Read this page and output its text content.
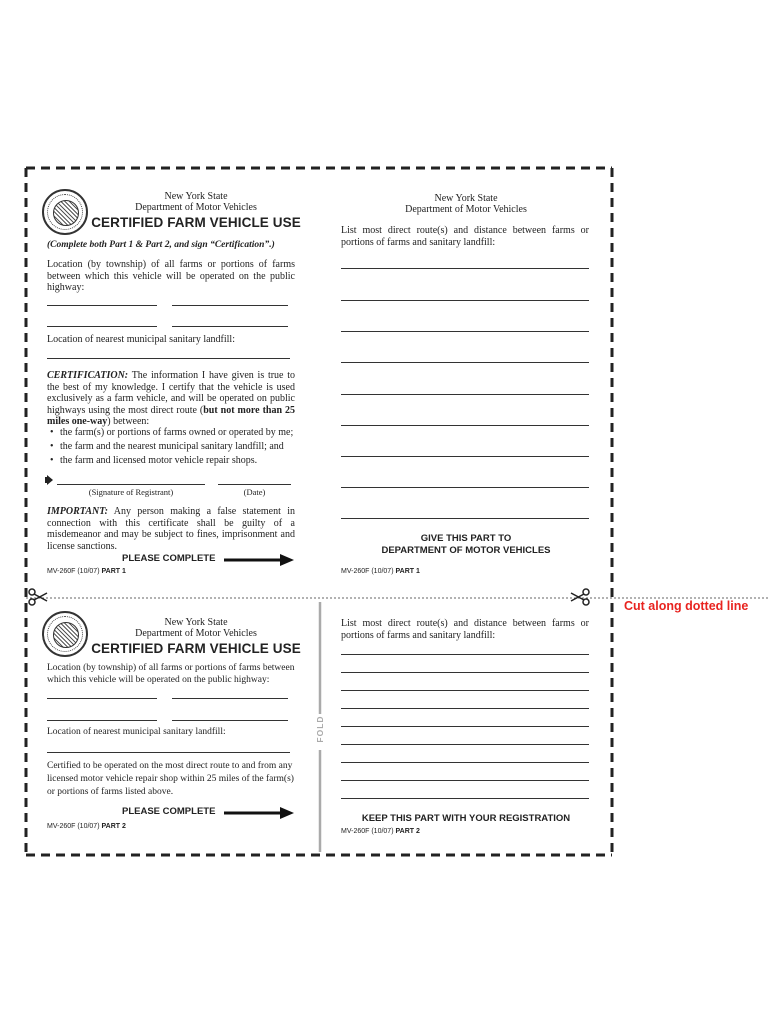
Cut along dotted line
FOLD
New York State
Department of Motor Vehicles
CERTIFIED FARM VEHICLE USE
(Complete both Part 1 & Part 2, and sign “Certification”.)
Location (by township) of all farms or portions of farms between which this vehicle will be operated on the public highway:
Location of nearest municipal sanitary landfill:
CERTIFICATION: The information I have given is true to the best of my knowledge. I certify that the vehicle is used exclusively as a farm vehicle, and will be operated on public highways using the most direct route (but not more than 25 miles one-way) between:
• the farm(s) or portions of farms owned or operated by me;
• the farm and the nearest municipal sanitary landfill; and
• the farm and licensed motor vehicle repair shops.
(Signature of Registrant)	(Date)
IMPORTANT: Any person making a false statement in connection with this certificate shall be guilty of a misdemeanor and may be subject to fines, imprisonment and license sanctions.
PLEASE COMPLETE
MV-260F (10/07) PART 1
New York State
Department of Motor Vehicles
List most direct route(s) and distance between farms or portions of farms and sanitary landfill:
GIVE THIS PART TO
DEPARTMENT OF MOTOR VEHICLES
MV-260F (10/07) PART 1
New York State
Department of Motor Vehicles
CERTIFIED FARM VEHICLE USE
Location (by township) of all farms or portions of farms between which this vehicle will be operated on the public highway:
Location of nearest municipal sanitary landfill:
Certified to be operated on the most direct route to and from any licensed motor vehicle repair shop within 25 miles of the farm(s) or portions of farms listed above.
PLEASE COMPLETE
MV-260F (10/07) PART 2
List most direct route(s) and distance between farms or portions of farms and sanitary landfill:
KEEP THIS PART WITH YOUR REGISTRATION
MV-260F (10/07) PART 2
